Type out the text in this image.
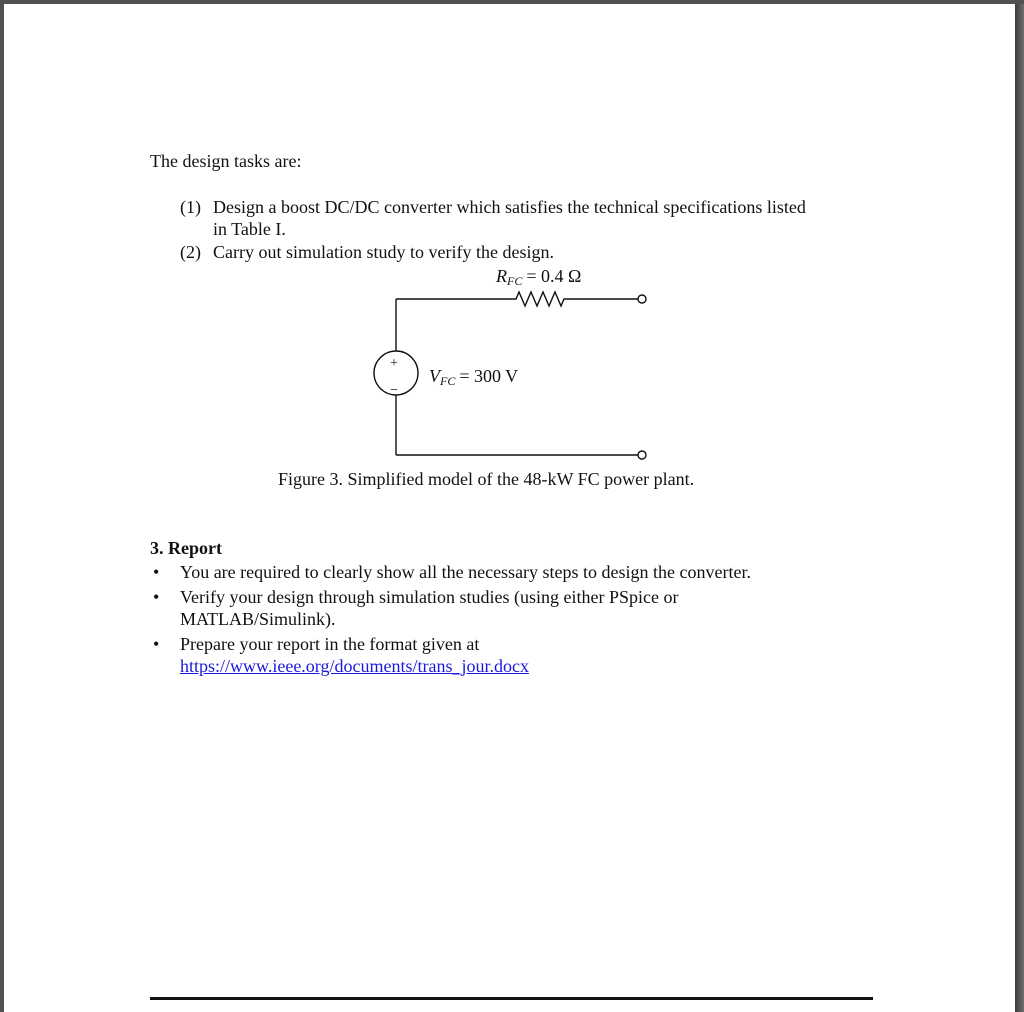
The design tasks are:
(1) Design a boost DC/DC converter which satisfies the technical specifications listed
in Table I.
(2) Carry out simulation study to verify the design.
RFC = 0.4 Ω
+
−
VFC = 300 V
Figure 3. Simplified model of the 48-kW FC power plant.
3. Report
• You are required to clearly show all the necessary steps to design the converter.
• Verify your design through simulation studies (using either PSpice or
MATLAB/Simulink).
• Prepare your report in the format given at
https://www.ieee.org/documents/trans_jour.docx
